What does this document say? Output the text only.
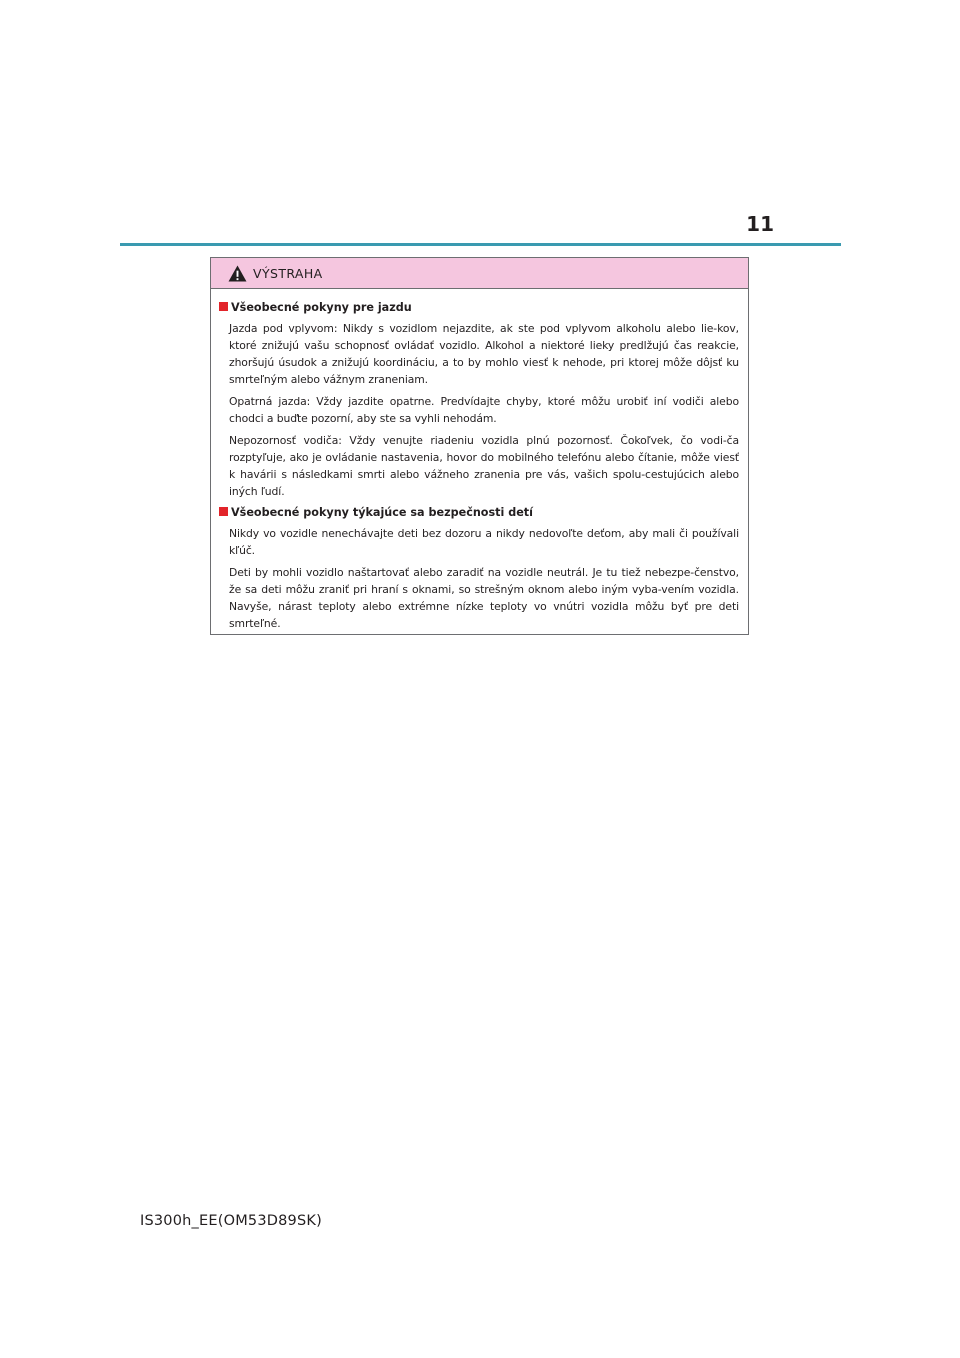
11
VÝSTRAHA
Všeobecné pokyny pre jazdu

Jazda pod vplyvom: Nikdy s vozidlom nejazdite, ak ste pod vplyvom alkoholu alebo lie-kov, ktoré znižujú vašu schopnosť ovládať vozidlo. Alkohol a niektoré lieky predlžujú čas reakcie, zhoršujú úsudok a znižujú koordináciu, a to by mohlo viesť k nehode, pri ktorej môže dôjsť ku smrteľným alebo vážnym zraneniam.

Opatrná jazda: Vždy jazdite opatrne. Predvídajte chyby, ktoré môžu urobiť iní vodiči alebo chodci a buďte pozorní, aby ste sa vyhli nehodám.

Nepozornosť vodiča: Vždy venujte riadeniu vozidla plnú pozornosť. Čokoľvek, čo vodi-ča rozptyľuje, ako je ovládanie nastavenia, hovor do mobilného telefónu alebo čítanie, môže viesť k havárii s následkami smrti alebo vážneho zranenia pre vás, vašich spolu-cestujúcich alebo iných ľudí.

Všeobecné pokyny týkajúce sa bezpečnosti detí

Nikdy vo vozidle nenechávajte deti bez dozoru a nikdy nedovoľte deťom, aby mali či používali kľúč.

Deti by mohli vozidlo naštartovať alebo zaradiť na vozidle neutrál. Je tu tiež nebezpe-čenstvo, že sa deti môžu zraniť pri hraní s oknami, so strešným oknom alebo iným vyba-vením vozidla. Navyše, nárast teploty alebo extrémne nízke teploty vo vnútri vozidla môžu byť pre deti smrteľné.

IS300h_EE(OM53D89SK)
